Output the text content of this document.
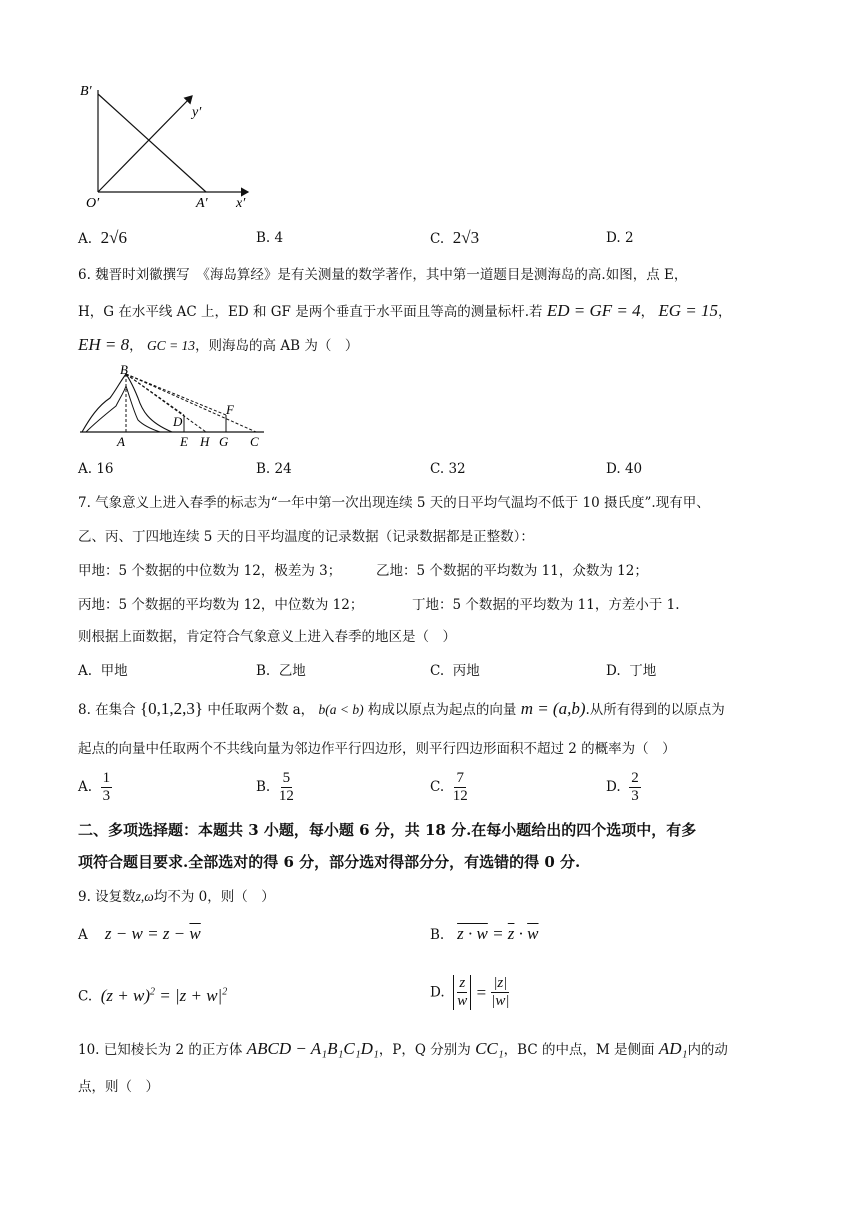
B′
O′	A′ x′
y′
A. 2√6	B. 4	C. 2√3	D. 2
6. 魏晋时刘徽撰写　《海岛算经》是有关测量的数学著作，其中第一道题目是测海岛的高.如图，点 E，
H，G 在水平线 AC 上，ED 和 GF 是两个垂直于水平面且等高的测量标杆.若 ED = GF = 4， EG = 15，
EH = 8， GC = 13，则海岛的高 AB 为（　）
B
D
F
A	E H G C
A. 16	B. 24	C. 32	D. 40
7. 气象意义上进入春季的标志为“一年中第一次出现连续 5 天的日平均气温均不低于 10 摄氏度”.现有甲、
乙、丙、丁四地连续 5 天的日平均温度的记录数据（记录数据都是正整数）：
甲地：5 个数据的中位数为 12，极差为 3；	乙地：5 个数据的平均数为 11，众数为 12；
丙地：5 个数据的平均数为 12，中位数为 12；	丁地：5 个数据的平均数为 11，方差小于 1.
则根据上面数据，肯定符合气象意义上进入春季的地区是（　）
A. 甲地	B. 乙地	C. 丙地	D. 丁地
8. 在集合 {0,1,2,3} 中任取两个数 a， b(a < b) 构成以原点为起点的向量 m = (a,b).从所有得到的以原点为
起点的向量中任取两个不共线向量为邻边作平行四边形，则平行四边形面积不超过 2 的概率为（　）
A. $\frac{1}{3}$	B. $\frac{5}{12}$	C. $\frac{7}{12}$	D. $\frac{2}{3}$
二、多项选择题：本题共 3 小题，每小题 6 分，共 18 分.在每小题给出的四个选项中，有多
项符合题目要求.全部选对的得 6 分，部分选对得部分分，有选错的得 0 分.
9. 设复数z,ω均不为 0，则（　）
A $z - w = z - \overline{w}$	B. $z \cdot w = \overline{z} \cdot \overline{w}$
C. $(z + w)^2 = |z + w|^2$	D. $\frac{z}{w} = \frac{|z|}{|w|}$
10. 已知棱长为 2 的正方体 ABCD − A₁B₁C₁D₁，P，Q 分别为 CC₁，BC 的中点，M 是侧面 AD₁内的动
点，则（　）
